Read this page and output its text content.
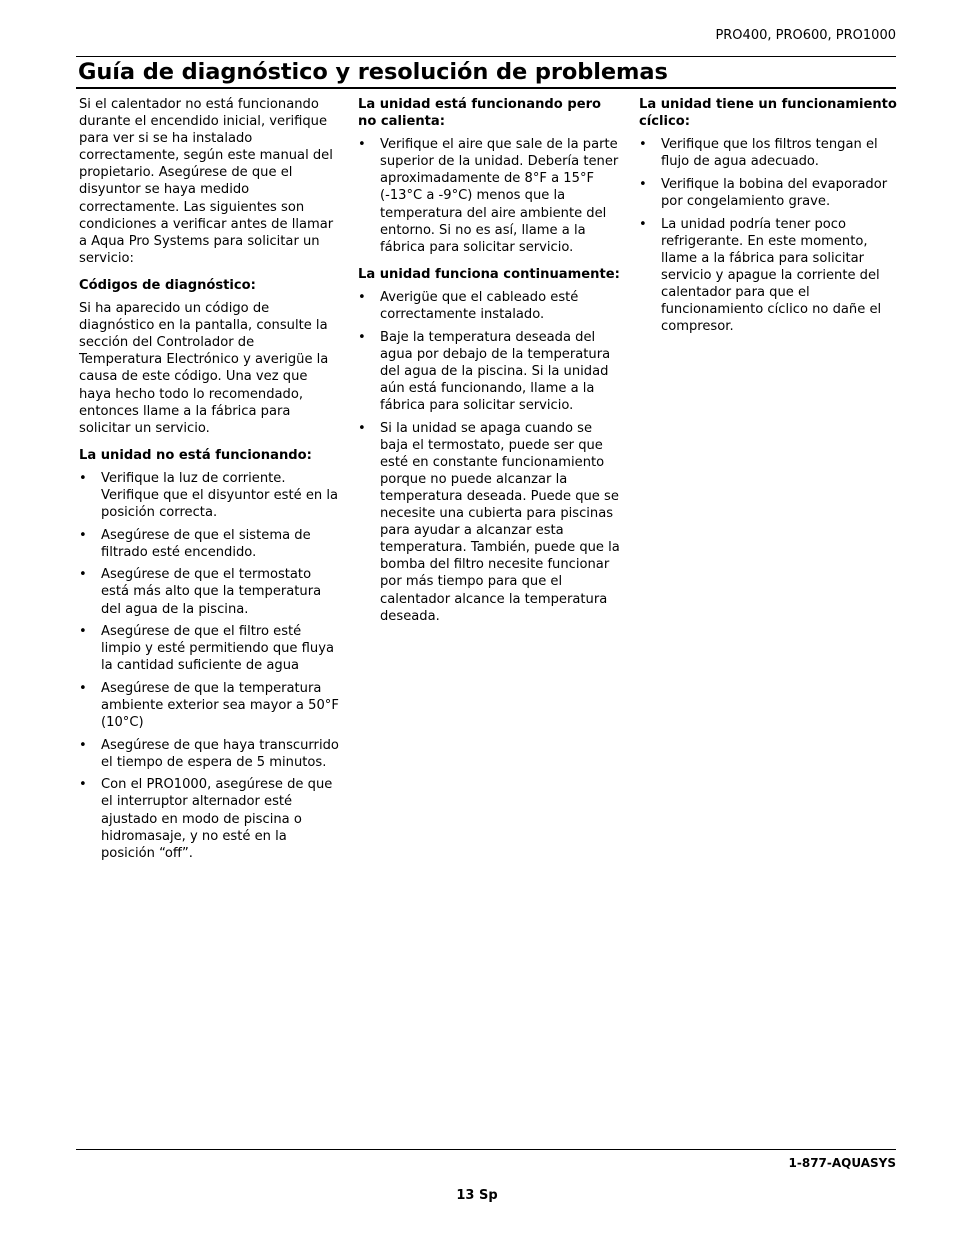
PRO400, PRO600, PRO1000
Guía de diagnóstico y resolución de problemas

Si el calentador no está funcionando durante el encendido inicial, verifique para ver si se ha instalado correctamente, según este manual del propietario. Asegúrese de que el disyuntor se haya medido correctamente. Las siguientes son condiciones a verificar antes de llamar a Aqua Pro Systems para solicitar un servicio:

Códigos de diagnóstico:

Si ha aparecido un código de diagnóstico en la pantalla, consulte la sección del Controlador de Temperatura Electrónico y averigüe la causa de este código. Una vez que haya hecho todo lo recomendado, entonces llame a la fábrica para solicitar un servicio.

La unidad no está funcionando:
• Verifique la luz de corriente. Verifique que el disyuntor esté en la posición correcta.
• Asegúrese de que el sistema de filtrado esté encendido.
• Asegúrese de que el termostato está más alto que la temperatura del agua de la piscina.
• Asegúrese de que el filtro esté limpio y esté permitiendo que fluya la cantidad suficiente de agua
• Asegúrese de que la temperatura ambiente exterior sea mayor a 50°F (10°C)
• Asegúrese de que haya transcurrido el tiempo de espera de 5 minutos.
• Con el PRO1000, asegúrese de que el interruptor alternador esté ajustado en modo de piscina o hidromasaje, y no esté en la posición “off”.
La unidad está funcionando pero no calienta:
• Verifique el aire que sale de la parte superior de la unidad. Debería tener aproximadamente de 8°F a 15°F (-13°C a -9°C) menos que la temperatura del aire ambiente del entorno. Si no es así, llame a la fábrica para solicitar servicio.
La unidad funciona continuamente:
• Averigüe que el cableado esté correctamente instalado.
• Baje la temperatura deseada del agua por debajo de la temperatura del agua de la piscina. Si la unidad aún está funcionando, llame a la fábrica para solicitar servicio.
• Si la unidad se apaga cuando se baja el termostato, puede ser que esté en constante funcionamiento porque no puede alcanzar la temperatura deseada. Puede que se necesite una cubierta para piscinas para ayudar a alcanzar esta temperatura. También, puede que la bomba del filtro necesite funcionar por más tiempo para que el calentador alcance la temperatura deseada.
La unidad tiene un funcionamiento cíclico:
• Verifique que los filtros tengan el flujo de agua adecuado.
• Verifique la bobina del evaporador por congelamiento grave.
• La unidad podría tener poco refrigerante. En este momento, llame a la fábrica para solicitar servicio y apague la corriente del calentador para que el funcionamiento cíclico no dañe el compresor.
1-877-AQUASYS
13 Sp
